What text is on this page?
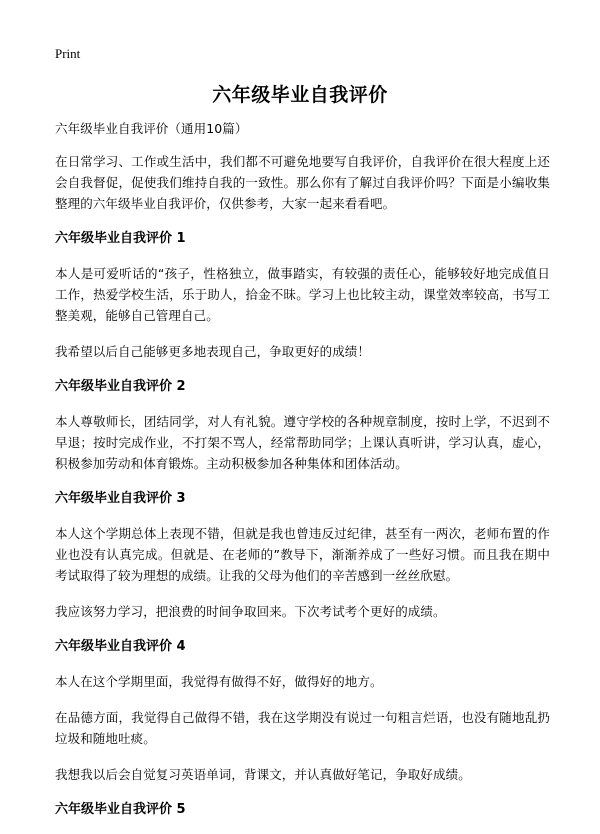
Print
六年级毕业自我评价

六年级毕业自我评价（通用10篇）

在日常学习、工作或生活中，我们都不可避免地要写自我评价，自我评价在很大程度上还会自我督促，促使我们维持自我的一致性。那么你有了解过自我评价吗？下面是小编收集整理的六年级毕业自我评价，仅供参考，大家一起来看看吧。

六年级毕业自我评价 1

本人是可爱听话的“孩子，性格独立，做事踏实，有较强的责任心，能够较好地完成值日工作，热爱学校生活，乐于助人，拾金不昧。学习上也比较主动，课堂效率较高，书写工整美观，能够自己管理自己。

我希望以后自己能够更多地表现自己，争取更好的成绩！

六年级毕业自我评价 2

本人尊敬师长，团结同学，对人有礼貌。遵守学校的各种规章制度，按时上学，不迟到不早退；按时完成作业，不打架不骂人，经常帮助同学；上课认真听讲，学习认真，虚心，积极参加劳动和体育锻炼。主动积极参加各种集体和团体活动。

六年级毕业自我评价 3

本人这个学期总体上表现不错，但就是我也曾违反过纪律，甚至有一两次，老师布置的作业也没有认真完成。但就是、在老师的”教导下，渐渐养成了一些好习惯。而且我在期中考试取得了较为理想的成绩。让我的父母为他们的辛苦感到一丝丝欣慰。

我应该努力学习，把浪费的时间争取回来。下次考试考个更好的成绩。

六年级毕业自我评价 4

本人在这个学期里面，我觉得有做得不好，做得好的地方。

在品德方面，我觉得自己做得不错，我在这学期没有说过一句粗言烂语，也没有随地乱扔垃圾和随地吐痰。

我想我以后会自觉复习英语单词，背课文，并认真做好笔记，争取好成绩。

六年级毕业自我评价 5
